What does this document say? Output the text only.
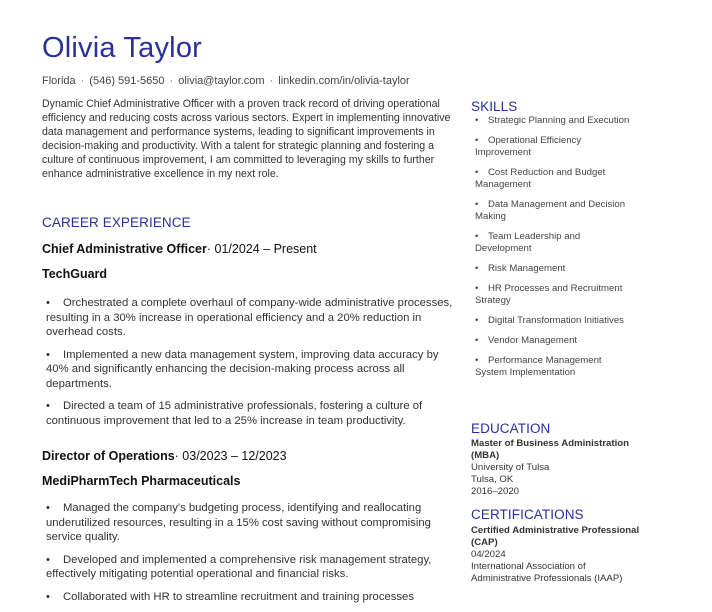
Olivia Taylor
Florida · (546) 591-5650 · olivia@taylor.com · linkedin.com/in/olivia-taylor

Dynamic Chief Administrative Officer with a proven track record of driving operational efficiency and reducing costs across various sectors. Expert in implementing innovative data management and performance systems, leading to significant improvements in decision-making and productivity. With a talent for strategic planning and fostering a culture of continuous improvement, I am committed to leveraging my skills to further enhance administrative excellence in my next role.

CAREER EXPERIENCE

Chief Administrative Officer· 01/2024 – Present

TechGuard

• Orchestrated a complete overhaul of company-wide administrative processes, resulting in a 30% increase in operational efficiency and a 20% reduction in overhead costs.
• Implemented a new data management system, improving data accuracy by 40% and significantly enhancing the decision-making process across all departments.
• Directed a team of 15 administrative professionals, fostering a culture of continuous improvement that led to a 25% increase in team productivity.

Director of Operations· 03/2023 – 12/2023

MediPharmTech Pharmaceuticals

• Managed the company's budgeting process, identifying and reallocating underutilized resources, resulting in a 15% cost saving without compromising service quality.
• Developed and implemented a comprehensive risk management strategy, effectively mitigating potential operational and financial risks.
• Collaborated with HR to streamline recruitment and training processes
SKILLS
• Strategic Planning and Execution
• Operational Efficiency Improvement
• Cost Reduction and Budget Management
• Data Management and Decision Making
• Team Leadership and Development
• Risk Management
• HR Processes and Recruitment Strategy
• Digital Transformation Initiatives
• Vendor Management
• Performance Management System Implementation
EDUCATION
Master of Business Administration (MBA)
University of Tulsa
Tulsa, OK
2016–2020
CERTIFICATIONS
Certified Administrative Professional (CAP)
04/2024
International Association of Administrative Professionals (IAAP)
